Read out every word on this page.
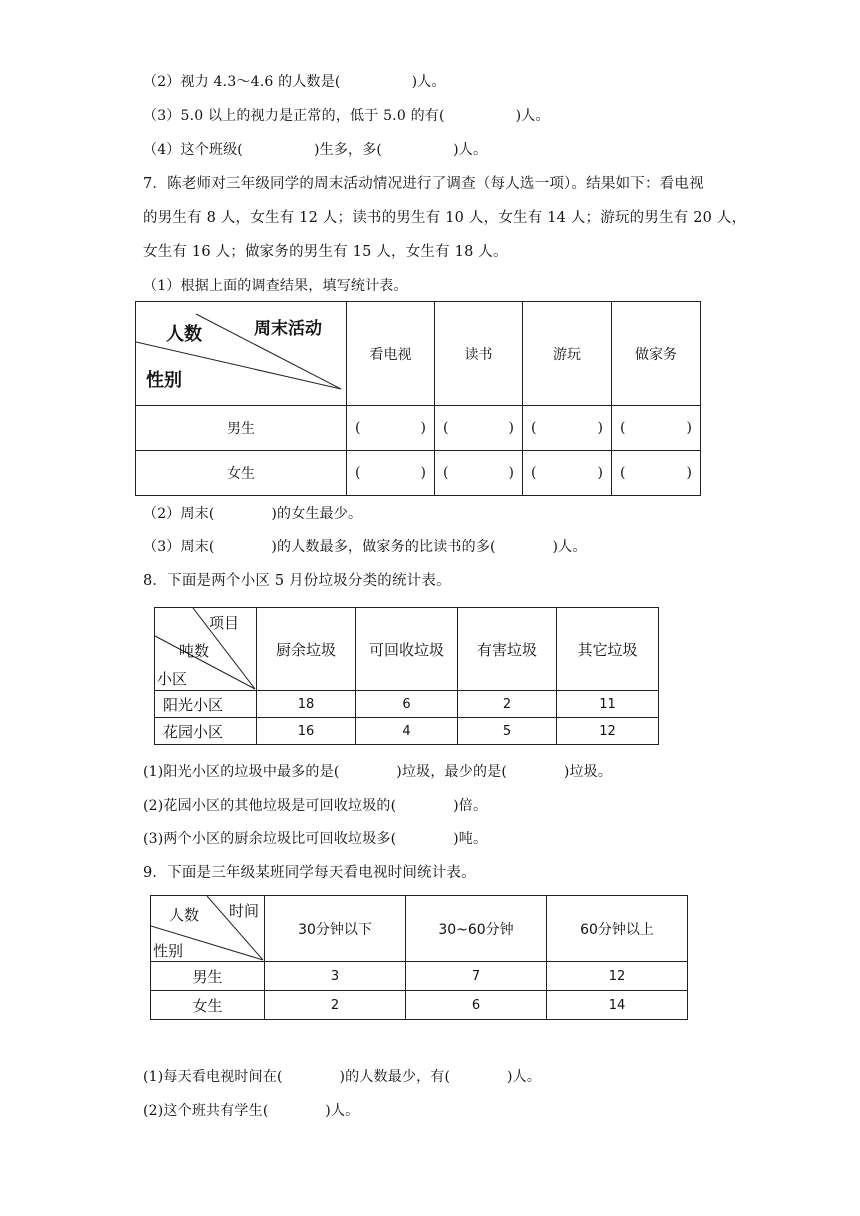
（2）视力 4.3～4.6 的人数是(　　　　　)人。
（3）5.0 以上的视力是正常的，低于 5.0 的有(　　　　　)人。
（4）这个班级(　　　　　)生多，多(　　　　　)人。
7．陈老师对三年级同学的周末活动情况进行了调查（每人选一项）。结果如下：看电视
的男生有 8 人，女生有 12 人；读书的男生有 10 人，女生有 14 人；游玩的男生有 20 人，
女生有 16 人；做家务的男生有 15 人，女生有 18 人。
（1）根据上面的调查结果，填写统计表。
周末活动
人数
性别	看电视	读书	游玩	做家务
男生	( )	( )	( )	( )

女生	( )	( )	( )	( )
（2）周末(　　　　)的女生最少。
（3）周末(　　　　)的人数最多，做家务的比读书的多(　　　　)人。
8．下面是两个小区 5 月份垃圾分类的统计表。
项目
吨数
小区	厨余垃圾	可回收垃圾	有害垃圾	其它垃圾
阳光小区	18	6	2	11
花园小区	16	4	5	12
(1)阳光小区的垃圾中最多的是(　　　　)垃圾，最少的是(　　　　)垃圾。
(2)花园小区的其他垃圾是可回收垃圾的(　　　　)倍。
(3)两个小区的厨余垃圾比可回收垃圾多(　　　　)吨。
9．下面是三年级某班同学每天看电视时间统计表。
时间
人数
性别	30分钟以下	30~60分钟	60分钟以上
男生	3	7	12
女生	2	6	14
(1)每天看电视时间在(　　　　)的人数最少，有(　　　　)人。
(2)这个班共有学生(　　　　)人。
